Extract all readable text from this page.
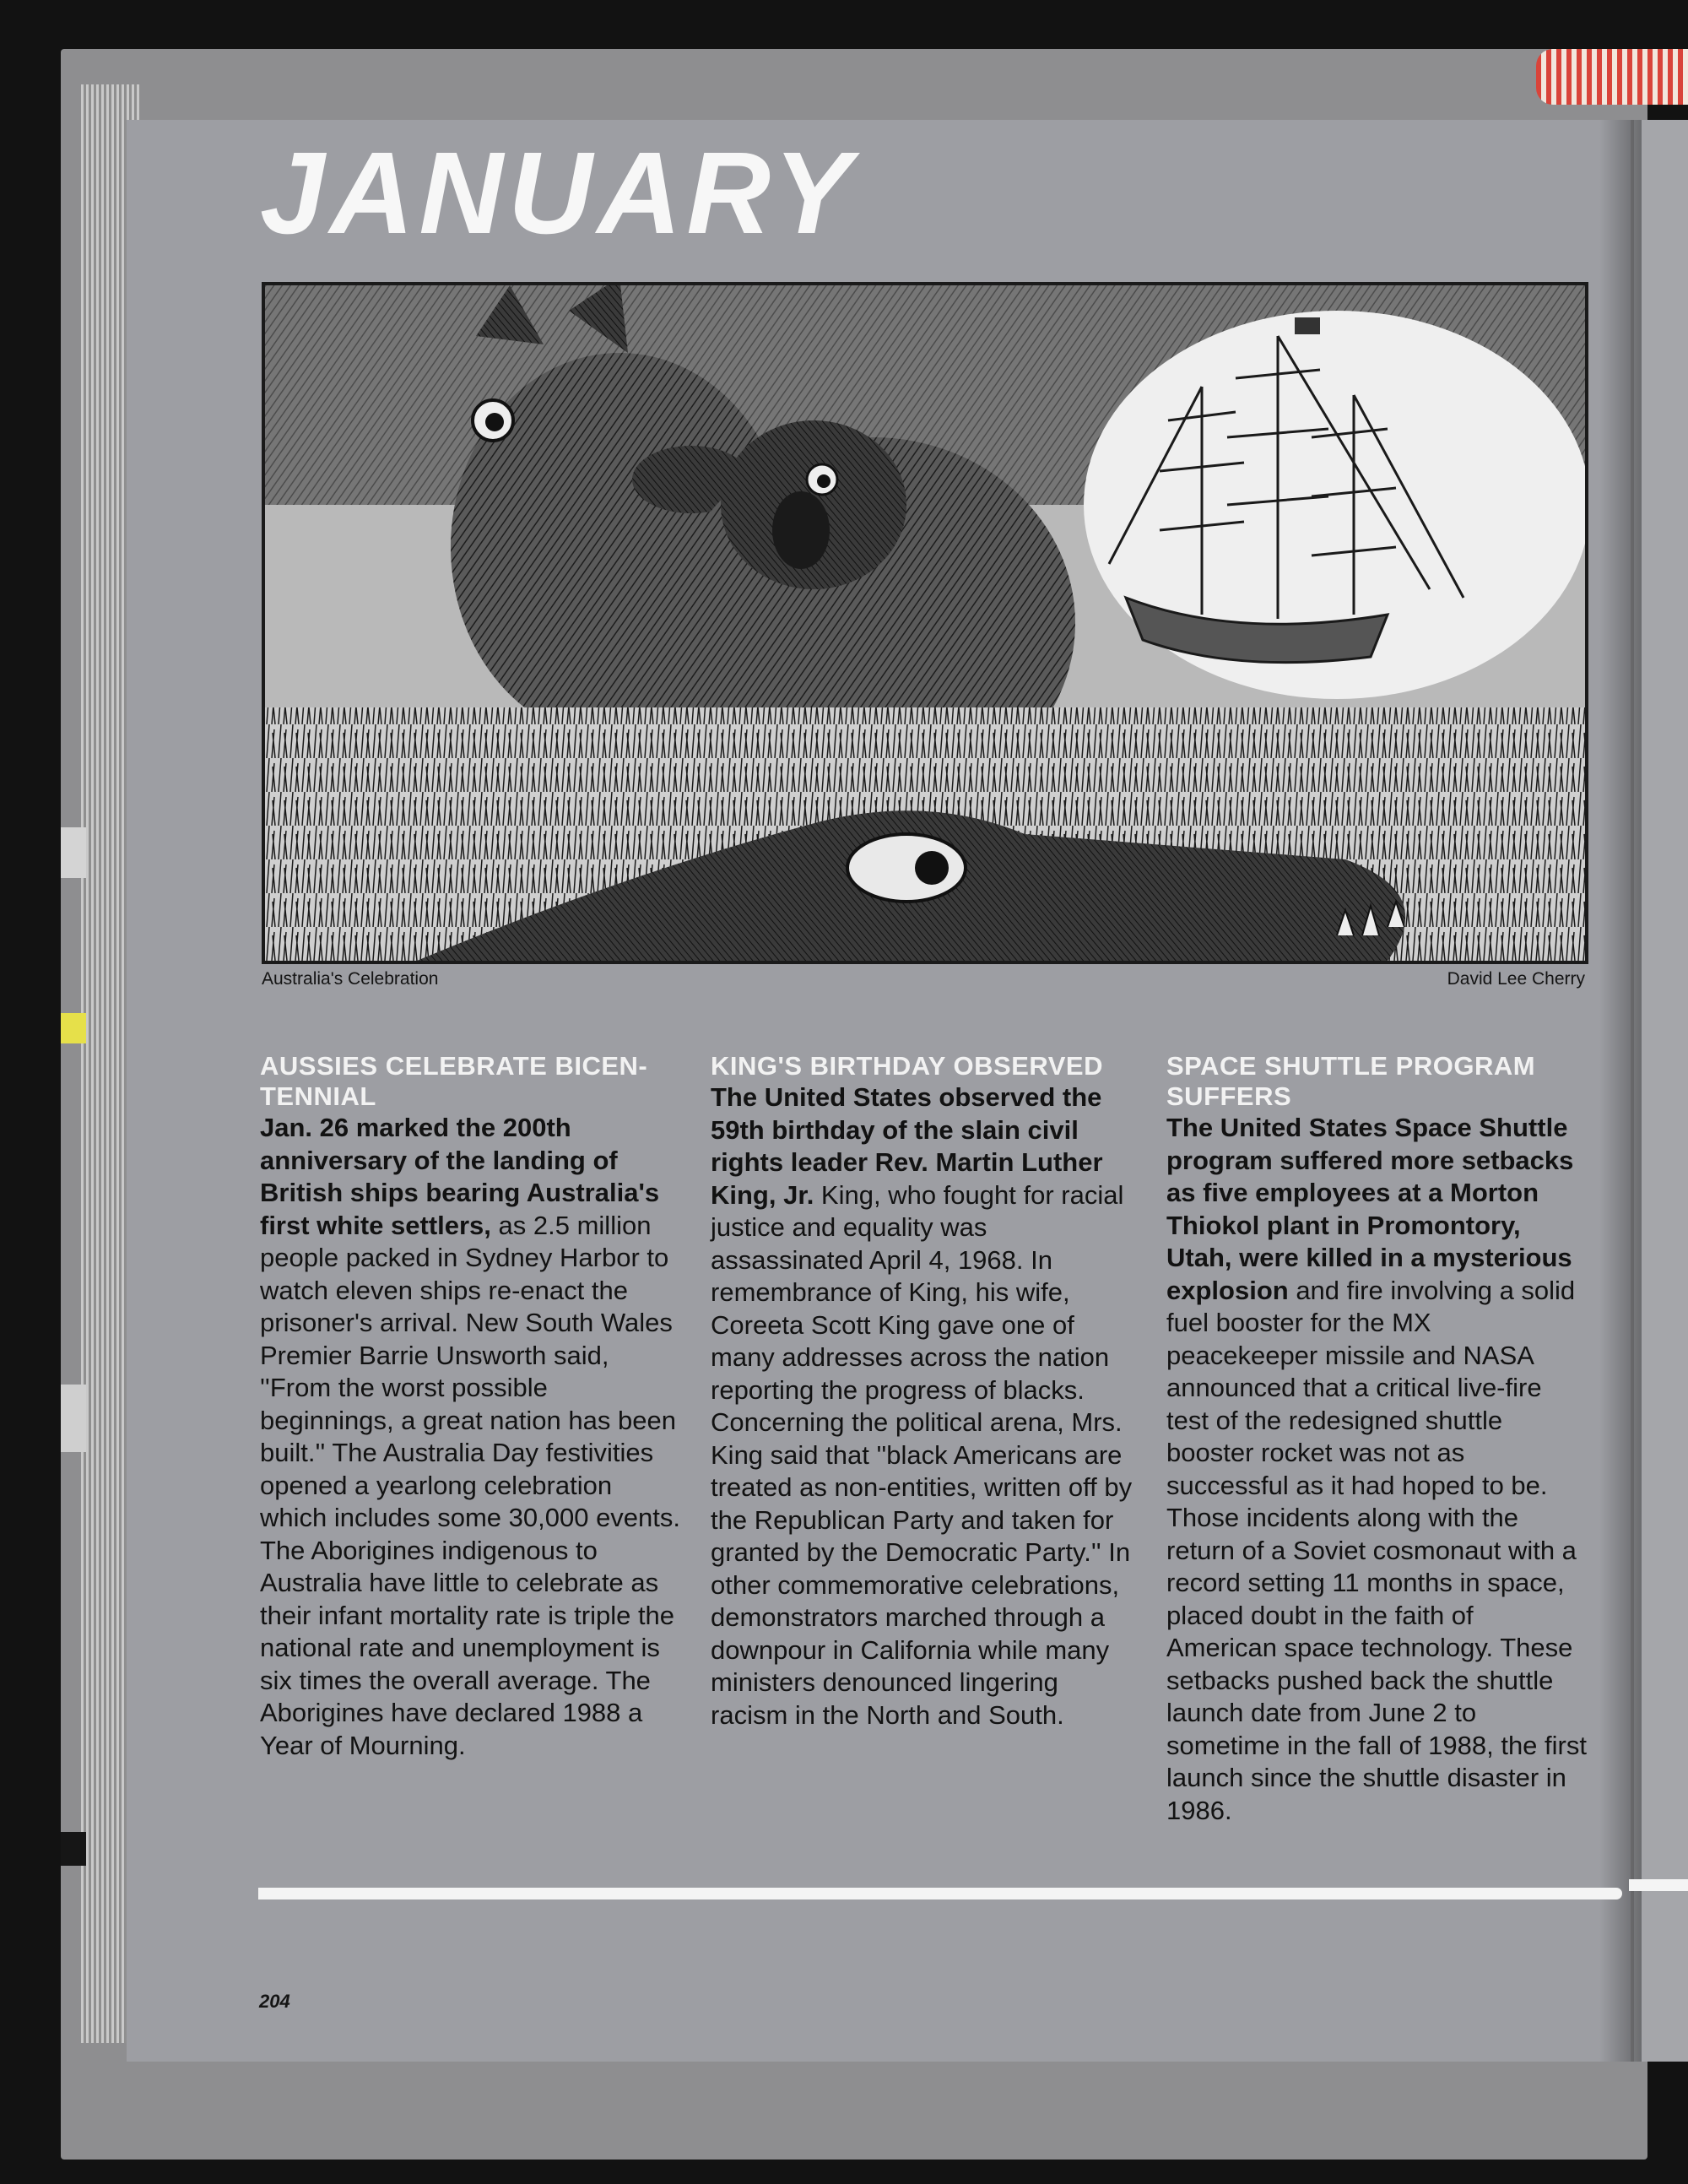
JANUARY
Australia's Celebration	David Lee Cherry
AUSSIES CELEBRATE BICEN-TENNIAL

Jan. 26 marked the 200th anniversary of the landing of British ships bearing Australia's first white settlers, as 2.5 million people packed in Sydney Harbor to watch eleven ships re-enact the prisoner's arrival. New South Wales Premier Barrie Unsworth said, ''From the worst possible beginnings, a great nation has been built.'' The Australia Day festivities opened a yearlong celebration which includes some 30,000 events. The Aborigines indigenous to Australia have little to celebrate as their infant mortality rate is triple the national rate and unemployment is six times the overall average. The Aborigines have declared 1988 a Year of Mourning.

KING'S BIRTHDAY OBSERVED

The United States observed the 59th birthday of the slain civil rights leader Rev. Martin Luther King, Jr. King, who fought for racial justice and equality was assassinated April 4, 1968. In remembrance of King, his wife, Coreeta Scott King gave one of many addresses across the nation reporting the progress of blacks. Concerning the political arena, Mrs. King said that ''black Americans are treated as non-entities, written off by the Republican Party and taken for granted by the Democratic Party.'' In other commemorative celebrations, demonstrators marched through a downpour in California while many ministers denounced lingering racism in the North and South.

SPACE SHUTTLE PROGRAM SUFFERS

The United States Space Shuttle program suffered more setbacks as five employees at a Morton Thiokol plant in Promontory, Utah, were killed in a mysterious explosion and fire involving a solid fuel booster for the MX peacekeeper missile and NASA announced that a critical live-fire test of the redesigned shuttle booster rocket was not as successful as it had hoped to be. Those incidents along with the return of a Soviet cosmonaut with a record setting 11 months in space, placed doubt in the faith of American space technology. These setbacks pushed back the shuttle launch date from June 2 to sometime in the fall of 1988, the first launch since the shuttle disaster in 1986.

204
